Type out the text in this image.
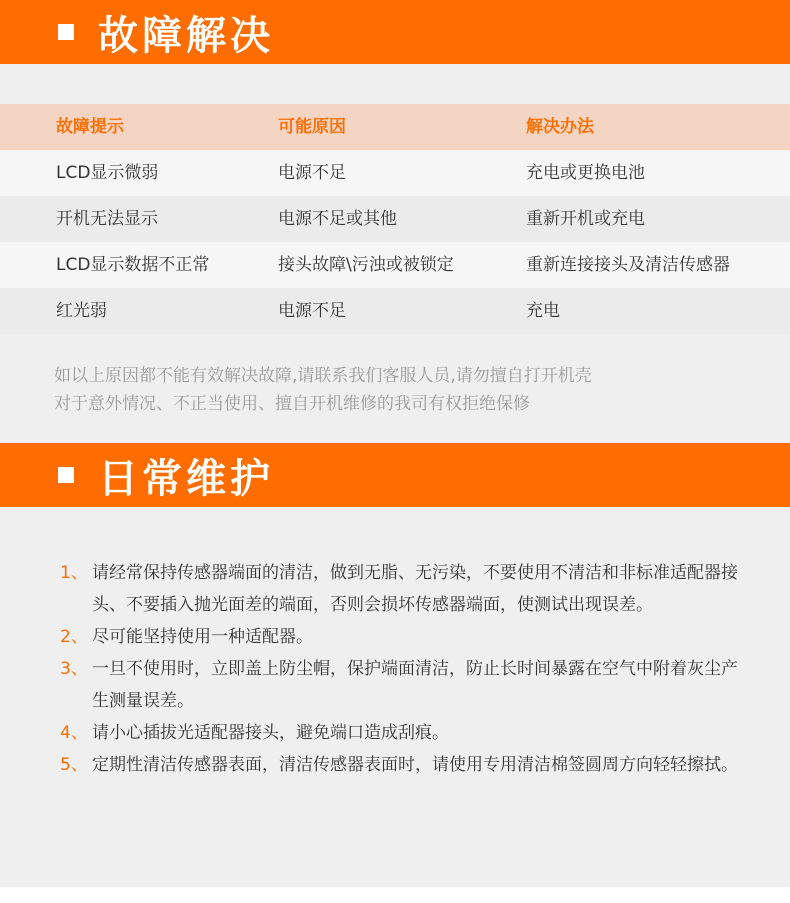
故障解决
故障提示	可能原因	解决办法
LCD显示微弱	电源不足	充电或更换电池
开机无法显示	电源不足或其他	重新开机或充电
LCD显示数据不正常	接头故障\污浊或被锁定	重新连接接头及清洁传感器
红光弱	电源不足	充电
如以上原因都不能有效解决故障,请联系我们客服人员,请勿擅自打开机壳
对于意外情况、不正当使用、擅自开机维修的我司有权拒绝保修
日常维护
1、 请经常保持传感器端面的清洁，做到无脂、无污染，不要使用不清洁和非标准适配器接头、不要插入抛光面差的端面，否则会损坏传感器端面，使测试出现误差。
2、 尽可能坚持使用一种适配器。
3、 一旦不使用时，立即盖上防尘帽，保护端面清洁，防止长时间暴露在空气中附着灰尘产生测量误差。
4、 请小心插拔光适配器接头，避免端口造成刮痕。
5、 定期性清洁传感器表面，清洁传感器表面时，请使用专用清洁棉签圆周方向轻轻擦拭。
